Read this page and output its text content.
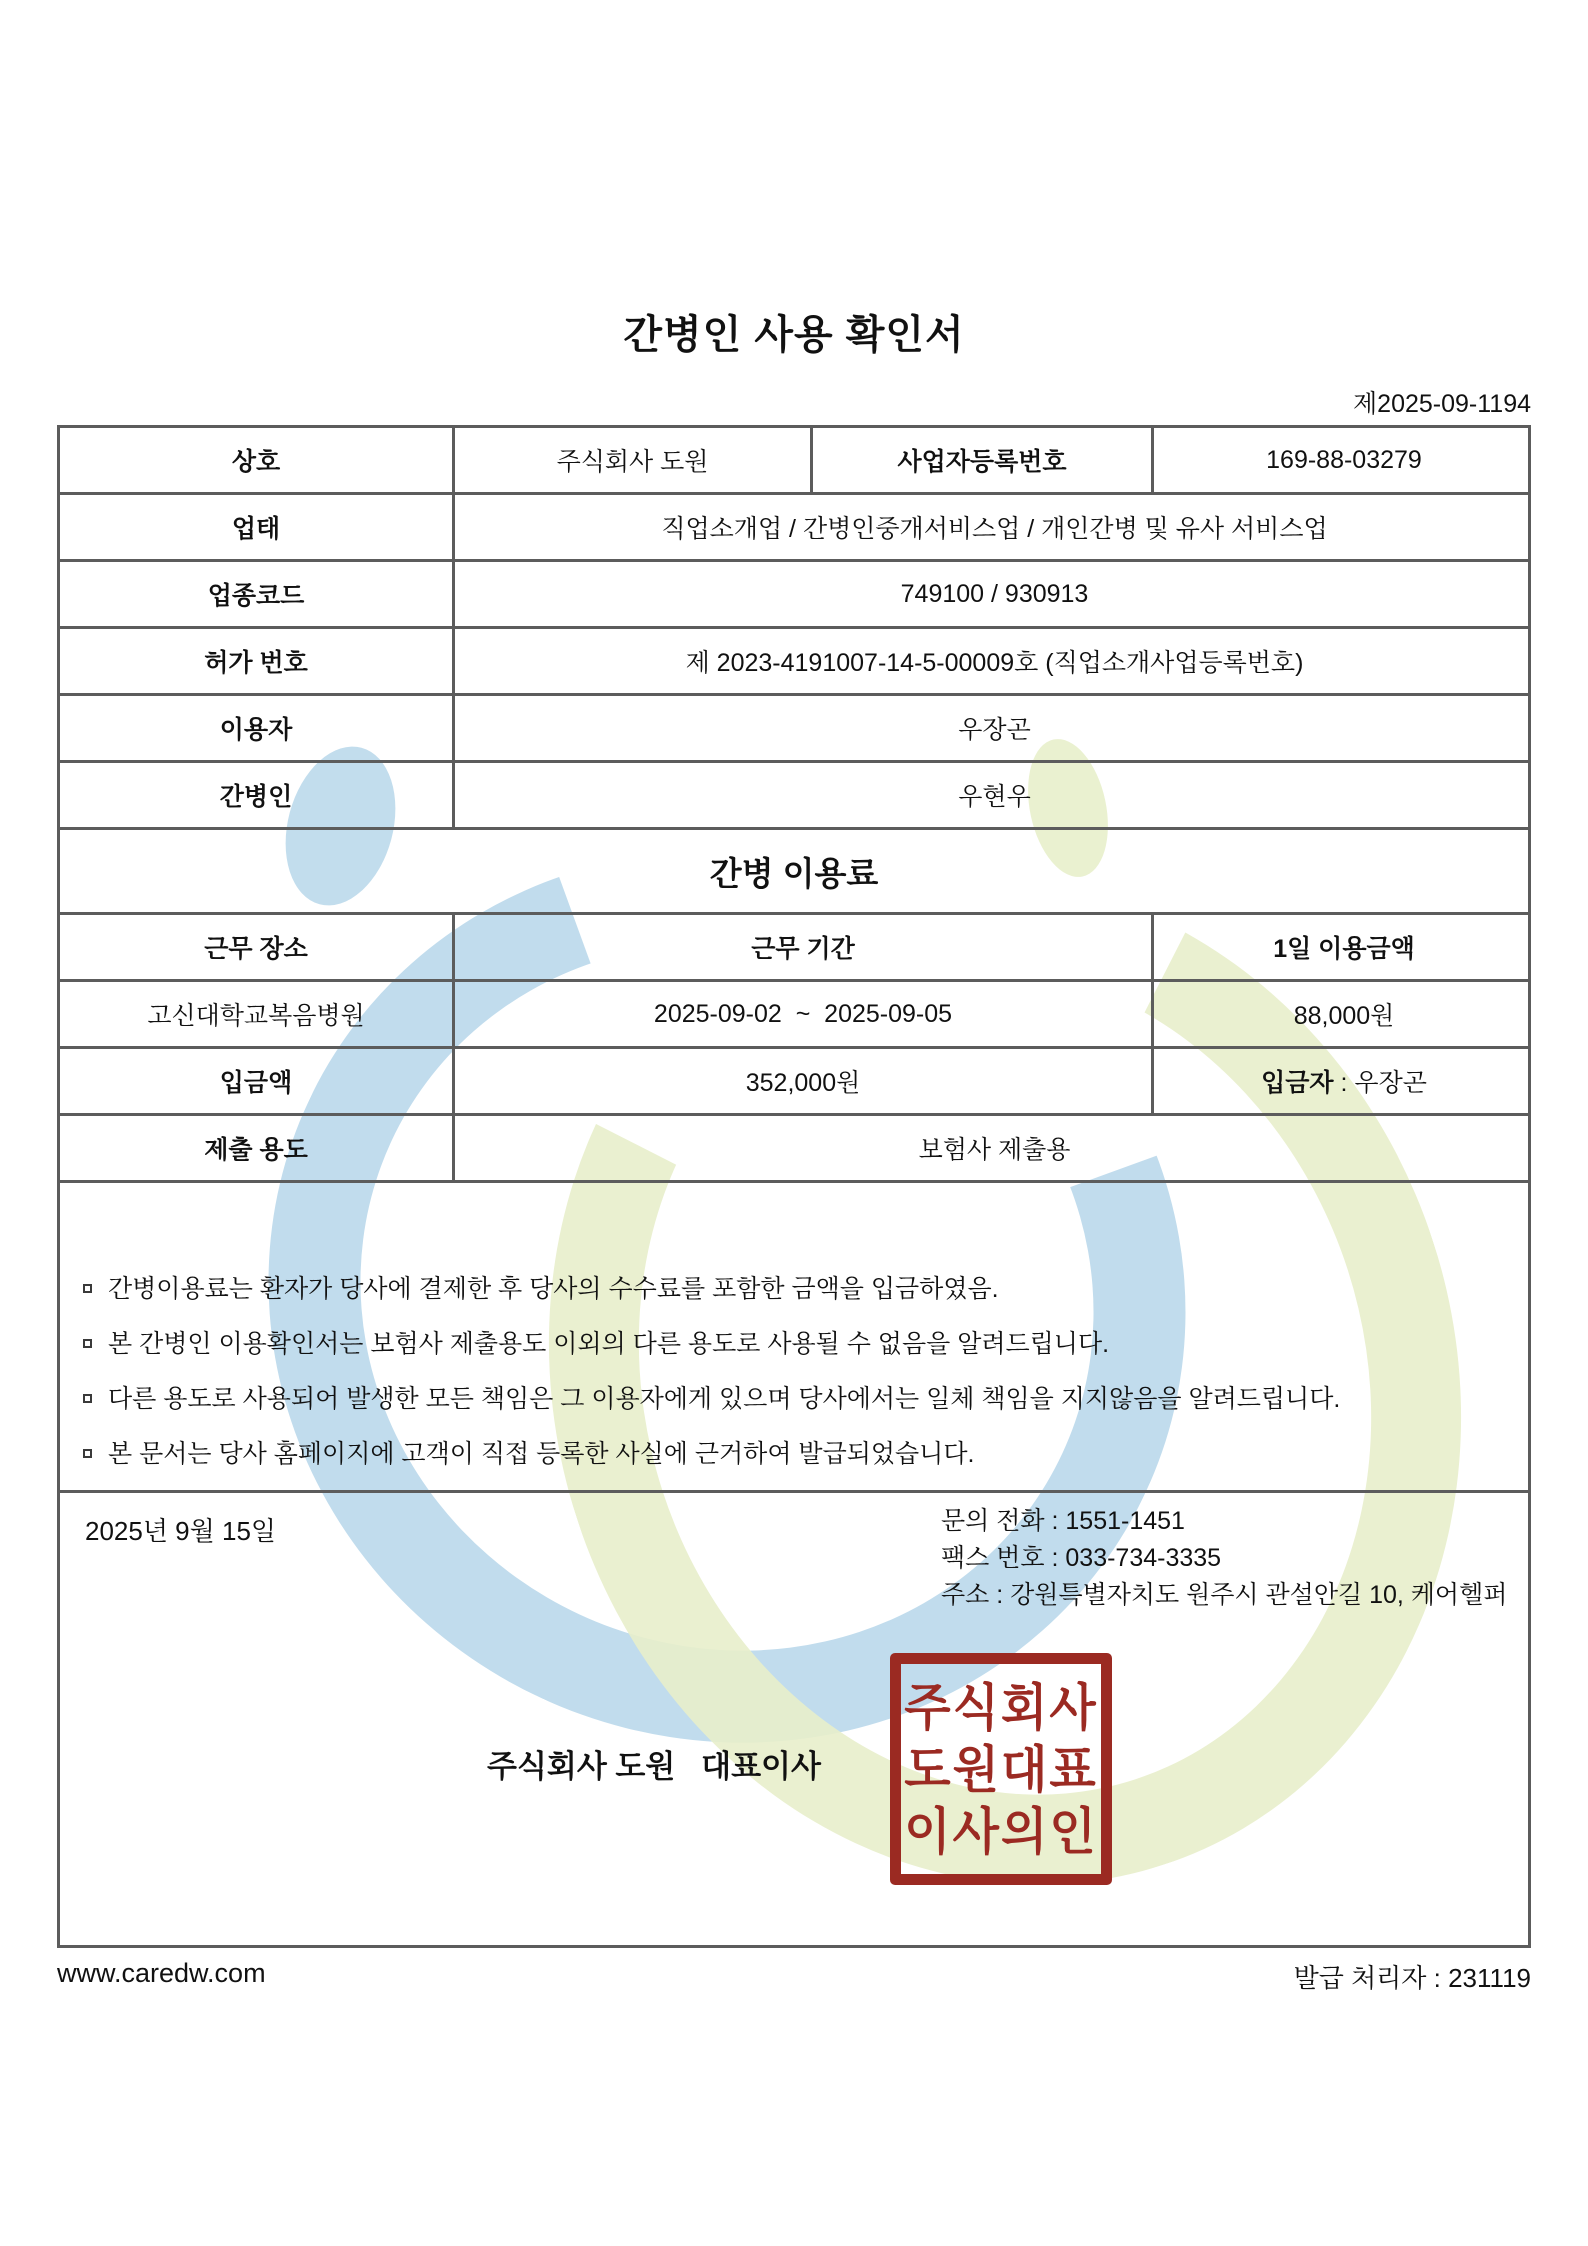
간병인 사용 확인서
제2025-09-1194
상호	주식회사 도원	사업자등록번호	169-88-03279
업태	직업소개업 / 간병인중개서비스업 / 개인간병 및 유사 서비스업
업종코드	749100 / 930913
허가 번호	제 2023-4191007-14-5-00009호 (직업소개사업등록번호)
이용자	우장곤
간병인	우현우
간병 이용료
근무 장소	근무 기간	1일 이용금액
고신대학교복음병원	2025-09-02  ~  2025-09-05	88,000원
입금액	352,000원	입금자 : 우장곤
제출 용도	보험사 제출용
간병이용료는 환자가 당사에 결제한 후 당사의 수수료를 포함한 금액을 입금하였음.
본 간병인 이용확인서는 보험사 제출용도 이외의 다른 용도로 사용될 수 없음을 알려드립니다.
다른 용도로 사용되어 발생한 모든 책임은 그 이용자에게 있으며 당사에서는 일체 책임을 지지않음을 알려드립니다.
본 문서는 당사 홈페이지에 고객이 직접 등록한 사실에 근거하여 발급되었습니다.
2025년 9월 15일	문의 전화 : 1551-1451
팩스 번호 : 033-734-3335
주소 : 강원특별자치도 원주시 관설안길 10, 케어헬퍼
주식회사 도원   대표이사
주식회사
도원대표
이사의인
www.caredw.com	발급 처리자 : 231119
